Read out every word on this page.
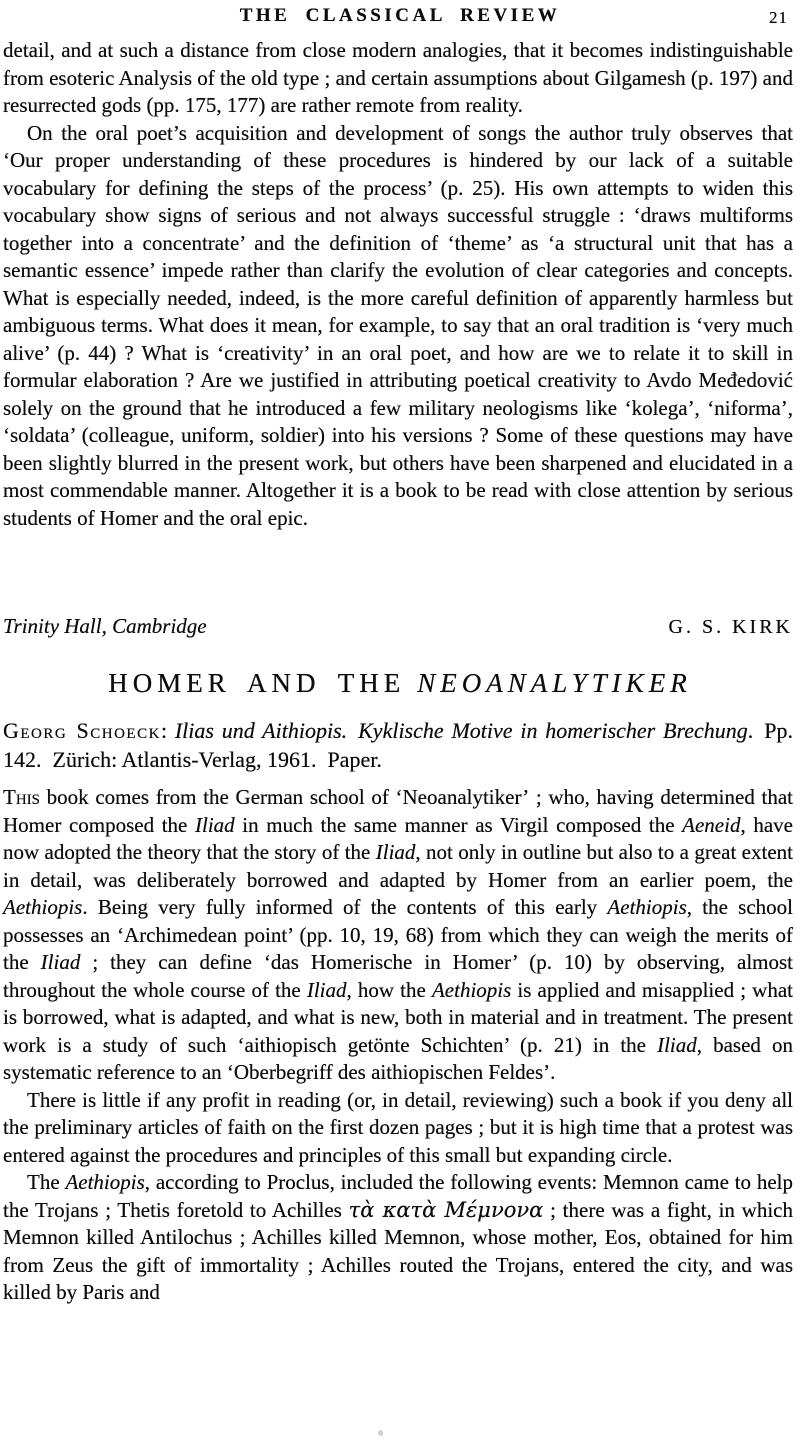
THE CLASSICAL REVIEW	21

detail, and at such a distance from close modern analogies, that it becomes indistinguishable from esoteric Analysis of the old type ; and certain assumptions about Gilgamesh (p. 197) and resurrected gods (pp. 175, 177) are rather remote from reality.

On the oral poet’s acquisition and development of songs the author truly observes that ‘Our proper understanding of these procedures is hindered by our lack of a suitable vocabulary for defining the steps of the process’ (p. 25). His own attempts to widen this vocabulary show signs of serious and not always successful struggle : ‘draws multiforms together into a concentrate’ and the definition of ‘theme’ as ‘a structural unit that has a semantic essence’ impede rather than clarify the evolution of clear categories and concepts. What is especially needed, indeed, is the more careful definition of apparently harmless but ambiguous terms. What does it mean, for example, to say that an oral tradition is ‘very much alive’ (p. 44) ? What is ‘creativity’ in an oral poet, and how are we to relate it to skill in formular elaboration ? Are we justified in attributing poetical creativity to Avdo Međedović solely on the ground that he introduced a few military neologisms like ‘kolega’, ‘niforma’, ‘soldata’ (colleague, uniform, soldier) into his versions ? Some of these questions may have been slightly blurred in the present work, but others have been sharpened and elucidated in a most commendable manner. Altogether it is a book to be read with close attention by serious students of Homer and the oral epic.

Trinity Hall, Cambridge	G. S. KIRK
HOMER AND THE NEOANALYTIKER

Georg Schoeck: Ilias und Aithiopis. Kyklische Motive in homerischer Brechung. Pp. 142. Zürich: Atlantis-Verlag, 1961. Paper.

This book comes from the German school of ‘Neoanalytiker’ ; who, having determined that Homer composed the Iliad in much the same manner as Virgil composed the Aeneid, have now adopted the theory that the story of the Iliad, not only in outline but also to a great extent in detail, was deliberately borrowed and adapted by Homer from an earlier poem, the Aethiopis. Being very fully informed of the contents of this early Aethiopis, the school possesses an ‘Archimedean point’ (pp. 10, 19, 68) from which they can weigh the merits of the Iliad ; they can define ‘das Homerische in Homer’ (p. 10) by observing, almost throughout the whole course of the Iliad, how the Aethiopis is applied and misapplied ; what is borrowed, what is adapted, and what is new, both in material and in treatment. The present work is a study of such ‘aithiopisch getönte Schichten’ (p. 21) in the Iliad, based on systematic reference to an ‘Oberbegriff des aithiopischen Feldes’.

There is little if any profit in reading (or, in detail, reviewing) such a book if you deny all the preliminary articles of faith on the first dozen pages ; but it is high time that a protest was entered against the procedures and principles of this small but expanding circle.

The Aethiopis, according to Proclus, included the following events: Memnon came to help the Trojans ; Thetis foretold to Achilles τὰ κατὰ Μέμνονα ; there was a fight, in which Memnon killed Antilochus ; Achilles killed Memnon, whose mother, Eos, obtained for him from Zeus the gift of immortality ; Achilles routed the Trojans, entered the city, and was killed by Paris and
